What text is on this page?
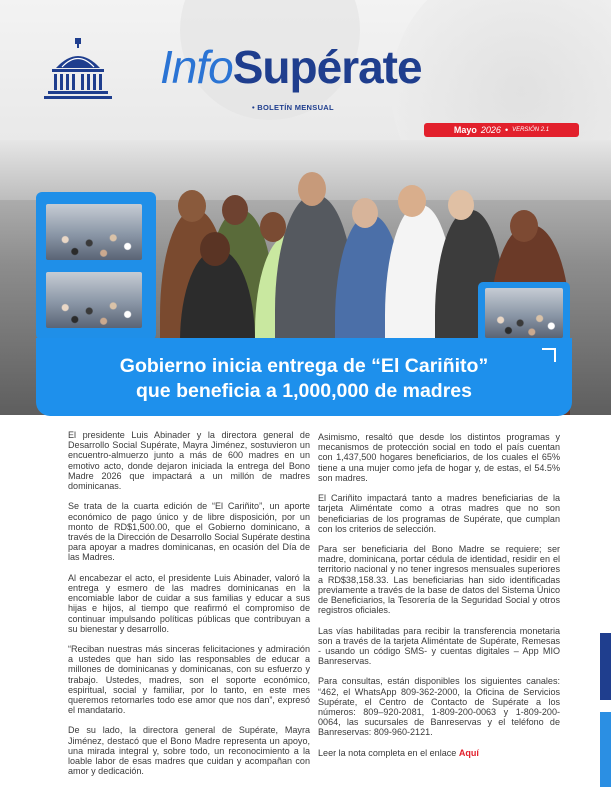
InfoSupérate
• BOLETÍN MENSUAL
Mayo 2026 • VERSIÓN 2.1
Gobierno inicia entrega de “El Cariñito”
que beneficia a 1,000,000 de madres

El presidente Luis Abinader y la directora general de Desarrollo Social Supérate, Mayra Jiménez, sostuvieron un encuentro-almuerzo junto a más de 600 madres en un emotivo acto, donde dejaron iniciada la entrega del Bono Madre 2026 que impactará a un millón de madres dominicanas.

Se trata de la cuarta edición de “El Cariñito”, un aporte económico de pago único y de libre disposición, por un monto de RD$1,500.00, que el Gobierno dominicano, a través de la Dirección de Desarrollo Social Supérate destina para apoyar a madres dominicanas, en ocasión del Día de las Madres.

Al encabezar el acto, el presidente Luis Abinader, valoró la entrega y esmero de las madres dominicanas en la encomiable labor de cuidar a sus familias y educar a sus hijas e hijos, al tiempo que reafirmó el compromiso de continuar impulsando políticas públicas que contribuyan a su bienestar y desarrollo.

“Reciban nuestras más sinceras felicitaciones y admiración a ustedes que han sido las responsables de educar a millones de dominicanas y dominicanas, con su esfuerzo y trabajo. Ustedes, madres, son el soporte económico, espiritual, social y familiar, por lo tanto, en este mes queremos retornarles todo ese amor que nos dan”, expresó el mandatario.

De su lado, la directora general de Supérate, Mayra Jiménez, destacó que el Bono Madre representa un apoyo, una mirada integral y, sobre todo, un reconocimiento a la loable labor de esas madres que cuidan y acompañan con amor y dedicación.

Asimismo, resaltó que desde los distintos programas y mecanismos de protección social en todo el país cuentan con 1,437,500 hogares beneficiarios, de los cuales el 65% tiene a una mujer como jefa de hogar y, de estas, el 54.5% son madres.

El Cariñito impactará tanto a madres beneficiarias de la tarjeta Aliméntate como a otras madres que no son beneficiarias de los programas de Supérate, que cumplan con los criterios de selección.

Para ser beneficiaria del Bono Madre se requiere; ser madre, dominicana, portar cédula de identidad, residir en el territorio nacional y no tener ingresos mensuales superiores a RD$38,158.33. Las beneficiarias han sido identificadas previamente a través de la base de datos del Sistema Único de Beneficiarios, la Tesorería de la Seguridad Social y otros registros oficiales.

Las vías habilitadas para recibir la transferencia monetaria son a través de la tarjeta Aliméntate de Supérate, Remesas - usando un código SMS- y cuentas digitales – App MIO Banreservas.

Para consultas, están disponibles los siguientes canales: “462, el WhatsApp 809-362-2000, la Oficina de Servicios Supérate, el Centro de Contacto de Supérate a los números: 809–920-2081, 1-809-200-0063 y 1-809-200-0064, las sucursales de Banreservas y el teléfono de Banreservas: 809-960-2121.

Leer la nota completa en el enlace Aquí
